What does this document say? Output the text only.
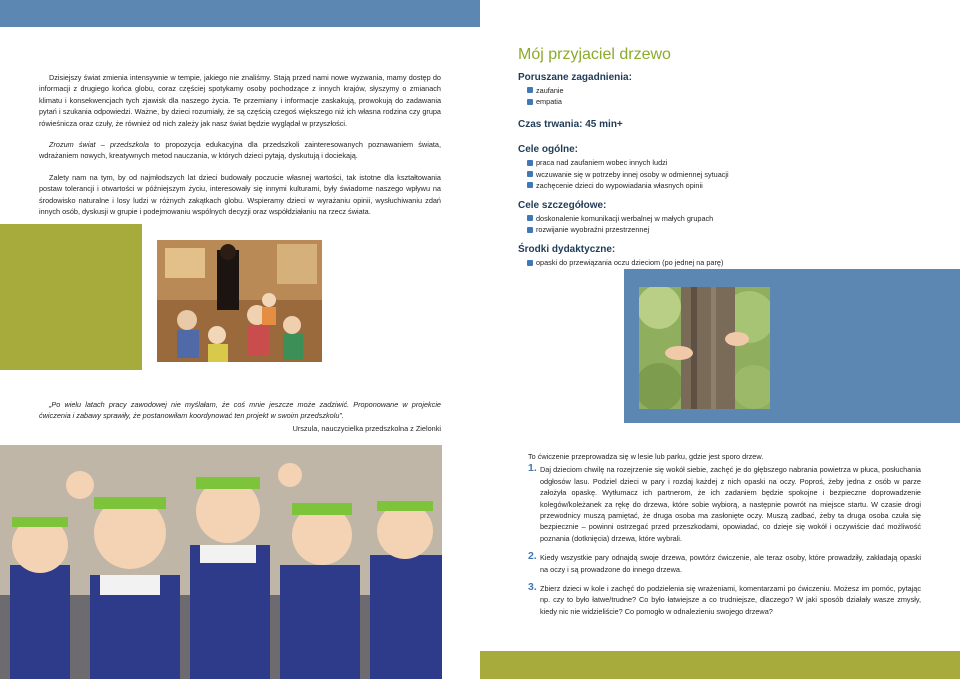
Dzisiejszy świat zmienia intensywnie w tempie, jakiego nie znaliśmy. Stają przed nami nowe wyzwania, mamy dostęp do informacji z drugiego końca globu, coraz częściej spotykamy osoby pochodzące z innych krajów, słyszymy o zmianach klimatu i konsekwencjach tych zjawisk dla naszego życia. Te przemiany i informacje zaskakują, prowokują do zadawania pytań i szukania odpowiedzi. Ważne, by dzieci rozumiały, że są częścią czegoś większego niż ich własna rodzina czy grupa rówieśnicza oraz czuły, że również od nich zależy jak nasz świat będzie wyglądał w przyszłości.

Zrozum świat – przedszkola to propozycja edukacyjna dla przedszkoli zainteresowanych poznawaniem świata, wdrażaniem nowych, kreatywnych metod nauczania, w których dzieci pytają, dyskutują i dociekają.

Zalety nam na tym, by od najmłodszych lat dzieci budowały poczucie własnej wartości, tak istotne dla kształtowania postaw tolerancji i otwartości w późniejszym życiu, interesowały się innymi kulturami, były świadome naszego wpływu na środowisko naturalne i losy ludzi w różnych zakątkach globu. Wspieramy dzieci w wyrażaniu opinii, wysłuchiwaniu zdań innych osób, dyskusji w grupie i podejmowaniu wspólnych decyzji oraz współdziałaniu na rzecz świata.

„Po wielu latach pracy zawodowej nie myślałam, że coś mnie jeszcze może zadziwić. Proponowane w projekcie ćwiczenia i zabawy sprawiły, że postanowiłam koordynować ten projekt w swoim przedszkolu”.

Urszula, nauczycielka przedszkolna z Zielonki

Mój przyjaciel drzewo

Poruszane zagadnienia:

zaufanie
empatia

Czas trwania: 45 min+

Cele ogólne:

praca nad zaufaniem wobec innych ludzi
wczuwanie się w potrzeby innej osoby w odmiennej sytuacji
zachęcenie dzieci do wypowiadania własnych opinii

Cele szczegółowe:

doskonalenie komunikacji werbalnej w małych grupach
rozwijanie wyobraźni przestrzennej

Środki dydaktyczne:

opaski do przewiązania oczu dzieciom (po jednej na parę)

To ćwiczenie przeprowadza się w lesie lub parku, gdzie jest sporo drzew.

1. Daj dzieciom chwilę na rozejrzenie się wokół siebie, zachęć je do głębszego nabrania powietrza w płuca, posłuchania odgłosów lasu. Podziel dzieci w pary i rozdaj każdej z nich opaski na oczy. Poproś, żeby jedna z osób w parze założyła opaskę. Wytłumacz ich partnerom, że ich zadaniem będzie spokojne i bezpieczne doprowadzenie kolegów/koleżanek za rękę do drzewa, które sobie wybiorą, a następnie powrót na miejsce startu. W czasie drogi przewodnicy muszą pamiętać, że druga osoba ma zasłonięte oczy. Muszą zadbać, żeby ta druga osoba czuła się bezpiecznie – powinni ostrzegać przed przeszkodami, opowiadać, co dzieje się wokół i oczywiście dać możliwość poznania (dotknięcia) drzewa, które wybrali.
2. Kiedy wszystkie pary odnajdą swoje drzewa, powtórz ćwiczenie, ale teraz osoby, które prowadziły, zakładają opaski na oczy i są prowadzone do innego drzewa.
3. Zbierz dzieci w kole i zachęć do podzielenia się wrażeniami, komentarzami po ćwiczeniu. Możesz im pomóc, pytając np. czy to było łatwe/trudne? Co było łatwiejsze a co trudniejsze, dlaczego? W jaki sposób działały wasze zmysły, kiedy nic nie widzieliście? Co pomogło w odnalezieniu swojego drzewa?
